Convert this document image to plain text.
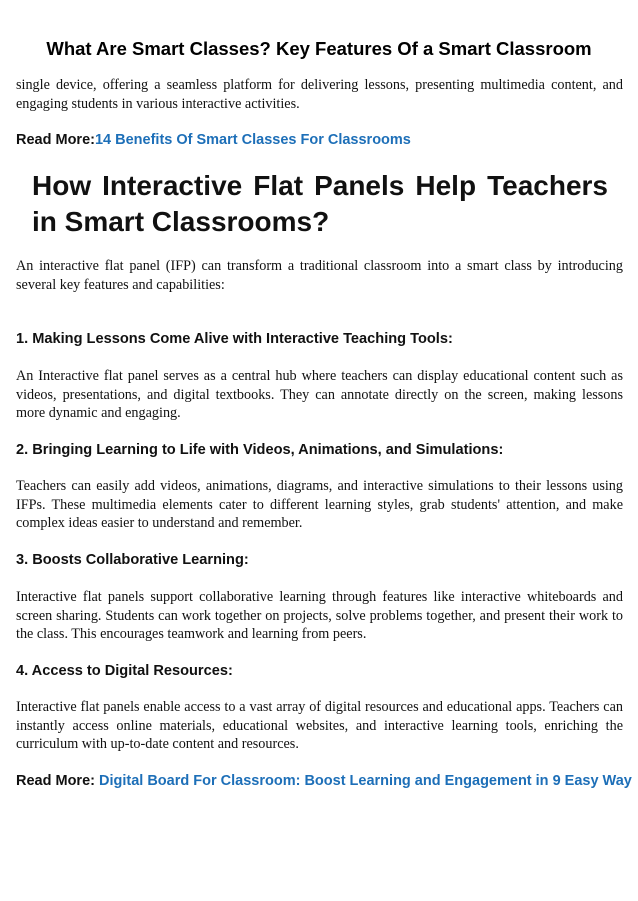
What Are Smart Classes? Key Features Of a Smart Classroom

single device, offering a seamless platform for delivering lessons, presenting multimedia content, and engaging students in various interactive activities.

Read More:14 Benefits Of Smart Classes For Classrooms

How Interactive Flat Panels Help Teachers in Smart Classrooms?

An interactive flat panel (IFP) can transform a traditional classroom into a smart class by introducing several key features and capabilities:

1. Making Lessons Come Alive with Interactive Teaching Tools:

An Interactive flat panel serves as a central hub where teachers can display educational content such as videos, presentations, and digital textbooks. They can annotate directly on the screen, making lessons more dynamic and engaging.

2. Bringing Learning to Life with Videos, Animations, and Simulations:

Teachers can easily add videos, animations, diagrams, and interactive simulations to their lessons using IFPs. These multimedia elements cater to different learning styles, grab students' attention, and make complex ideas easier to understand and remember.

3. Boosts Collaborative Learning:

Interactive flat panels support collaborative learning through features like interactive whiteboards and screen sharing. Students can work together on projects, solve problems together, and present their work to the class. This encourages teamwork and learning from peers.

4. Access to Digital Resources:

Interactive flat panels enable access to a vast array of digital resources and educational apps. Teachers can instantly access online materials, educational websites, and interactive learning tools, enriching the curriculum with up-to-date content and resources.

Read More: Digital Board For Classroom: Boost Learning and Engagement in 9 Easy Way
